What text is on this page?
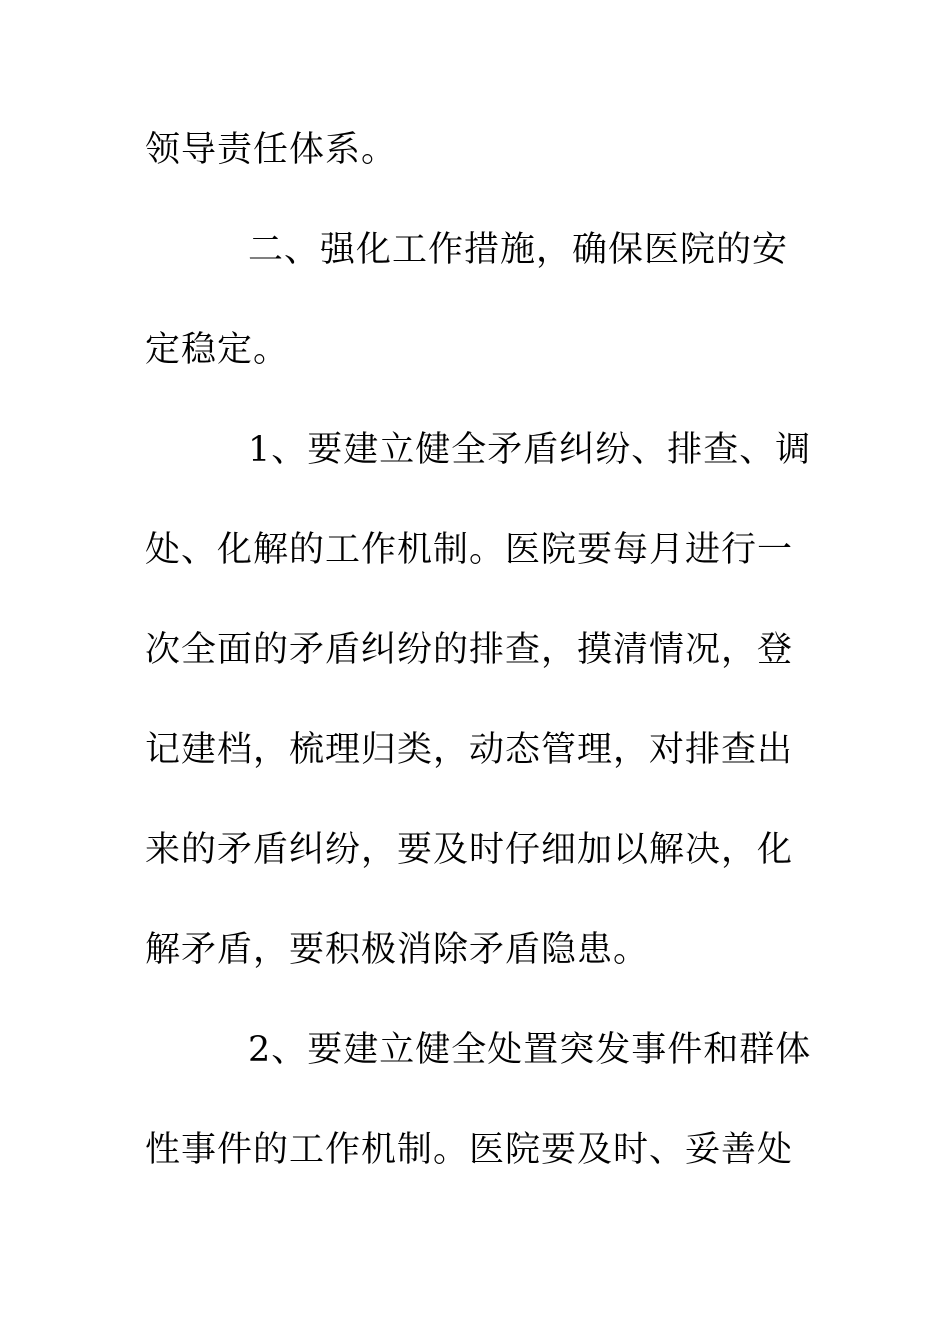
领导责任体系。
二、强化工作措施，确保医院的安
定稳定。
1、要建立健全矛盾纠纷、排查、调
处、化解的工作机制。医院要每月进行一
次全面的矛盾纠纷的排查，摸清情况，登
记建档，梳理归类，动态管理，对排查出
来的矛盾纠纷，要及时仔细加以解决，化
解矛盾，要积极消除矛盾隐患。
2、要建立健全处置突发事件和群体
性事件的工作机制。医院要及时、妥善处
